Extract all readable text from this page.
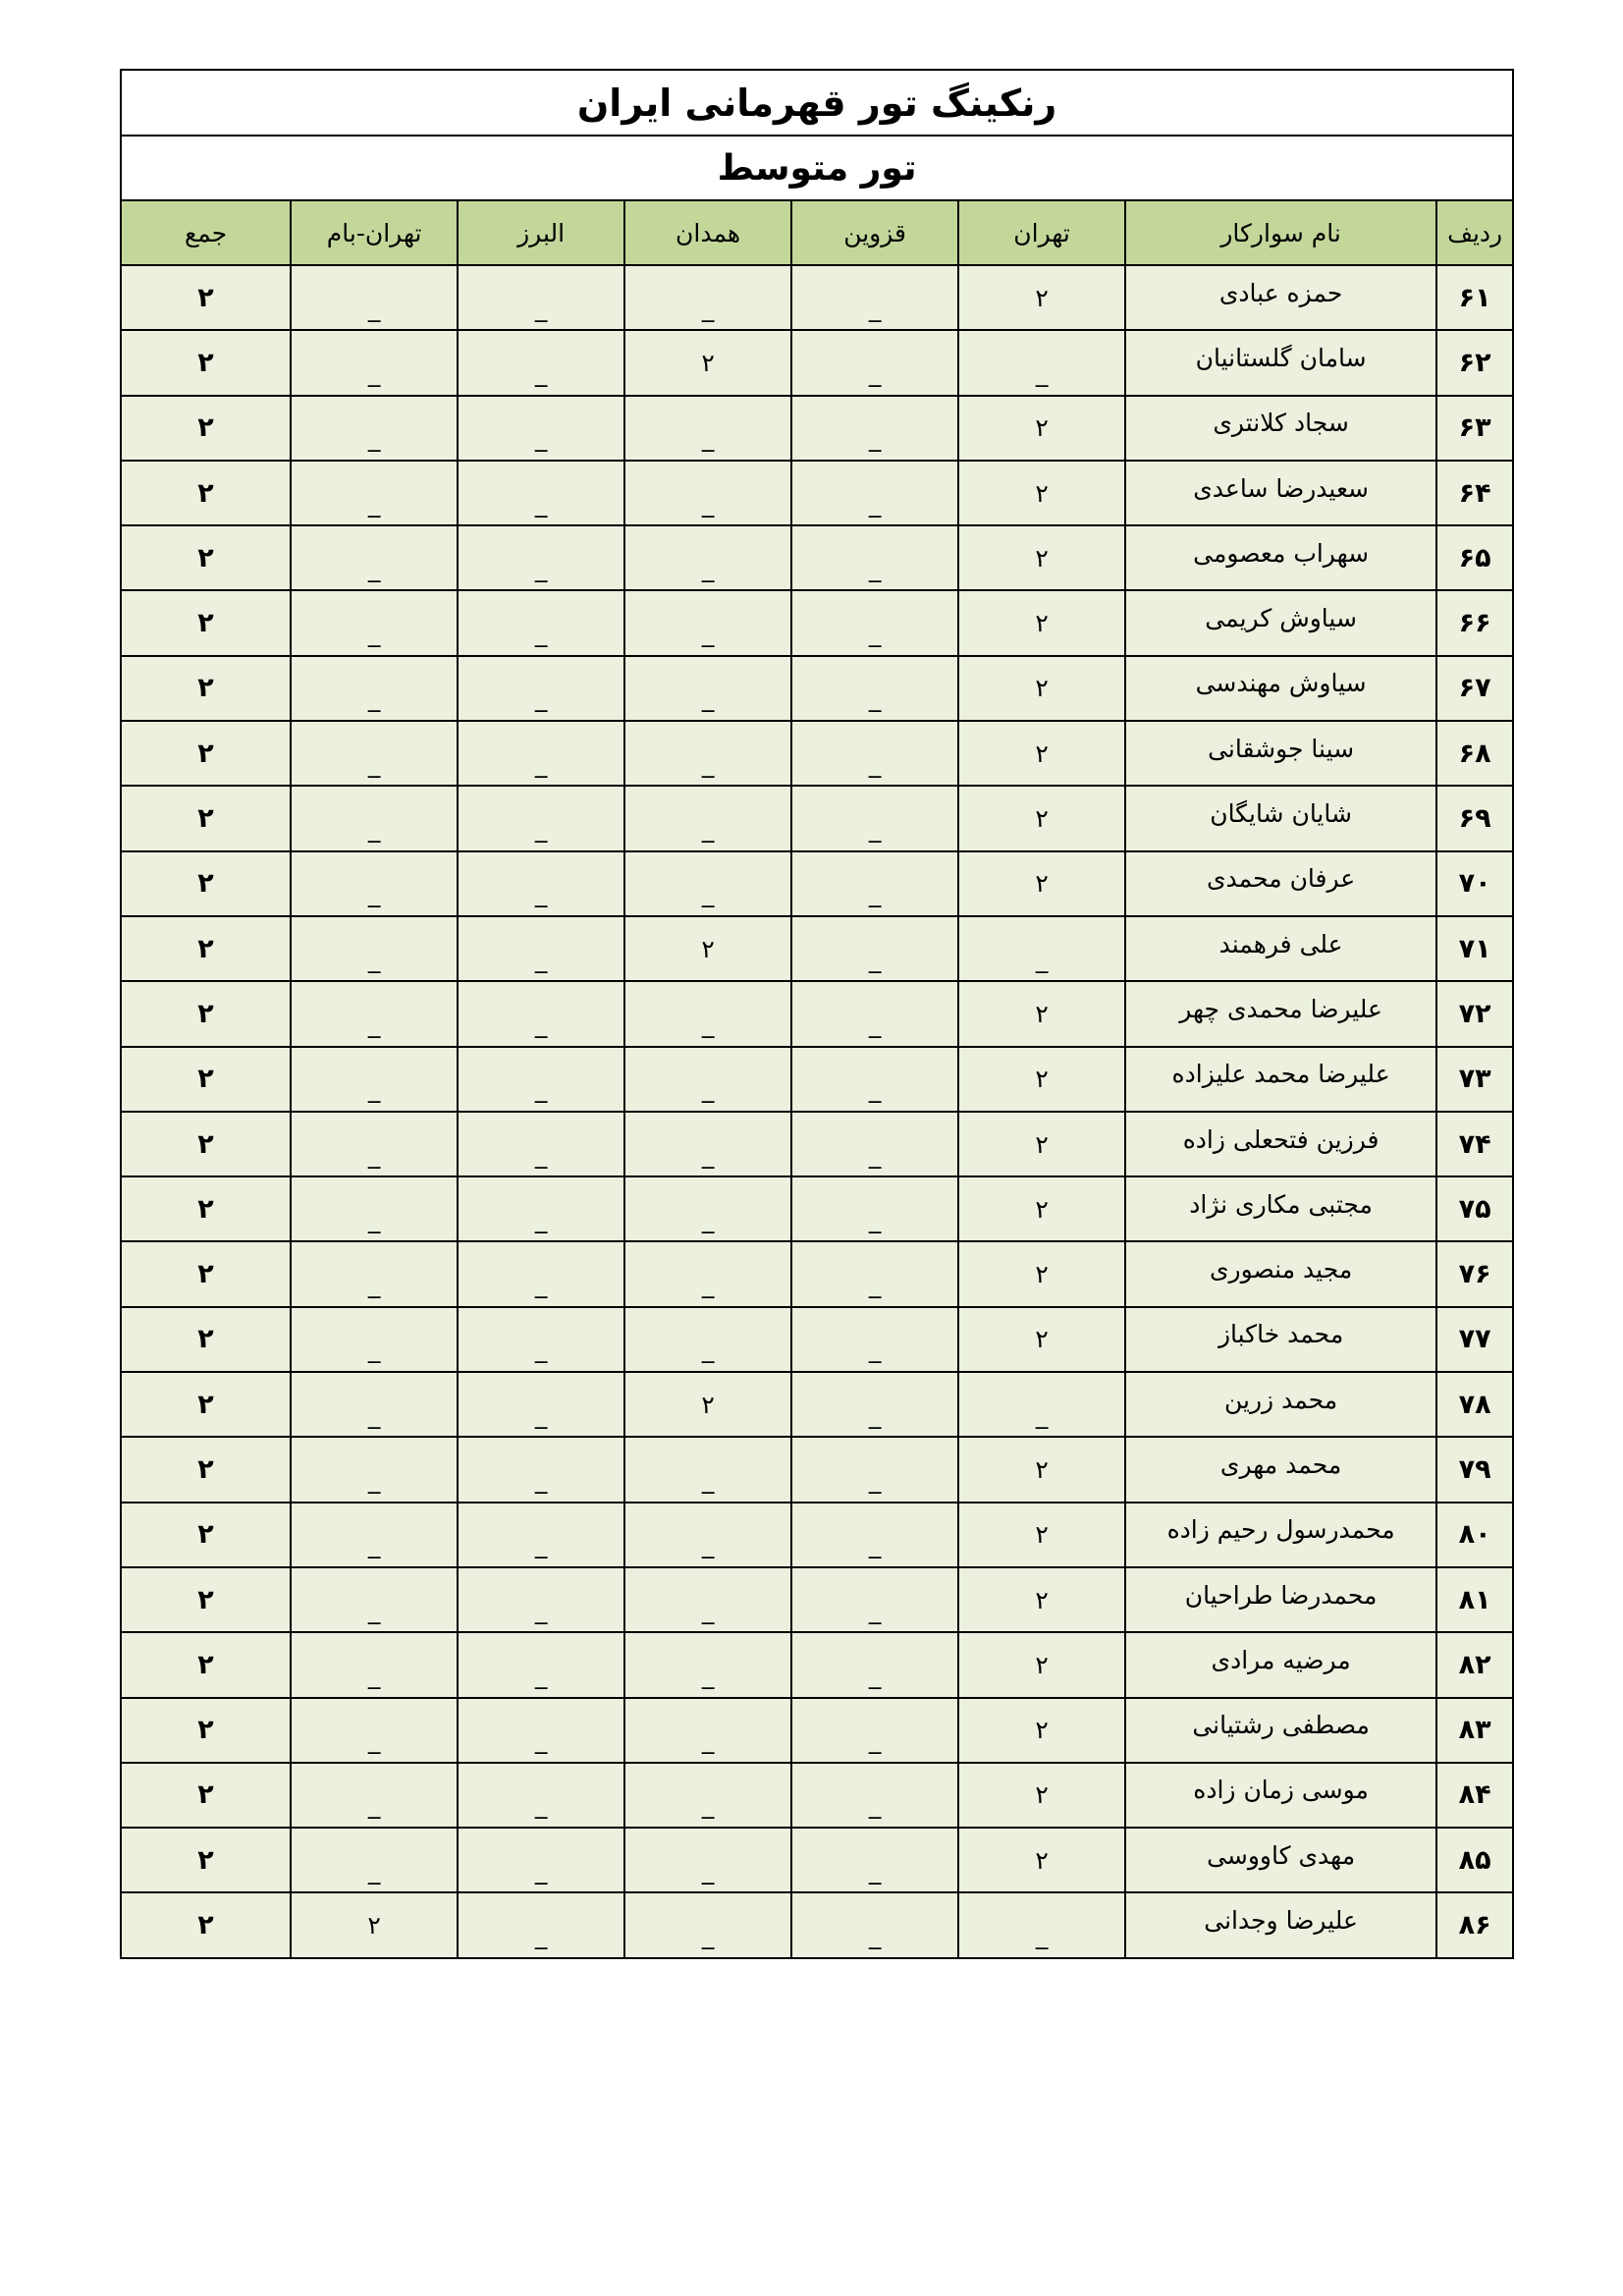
رنکینگ تور قهرمانی ایران							
تور متوسط							
ردیف	نام سوارکار	تهران	قزوین	همدان	البرز	تهران-بام	جمع
۶۱	حمزه عبادی	۲	_	_	_	_	۲
۶۲	سامان گلستانیان	_	_	۲	_	_	۲
۶۳	سجاد کلانتری	۲	_	_	_	_	۲
۶۴	سعیدرضا ساعدی	۲	_	_	_	_	۲
۶۵	سهراب معصومی	۲	_	_	_	_	۲
۶۶	سیاوش کریمی	۲	_	_	_	_	۲
۶۷	سیاوش مهندسی	۲	_	_	_	_	۲
۶۸	سینا جوشقانی	۲	_	_	_	_	۲
۶۹	شایان شایگان	۲	_	_	_	_	۲
۷۰	عرفان محمدی	۲	_	_	_	_	۲
۷۱	علی فرهمند	_	_	۲	_	_	۲
۷۲	علیرضا محمدی چهر	۲	_	_	_	_	۲
۷۳	علیرضا محمد علیزاده	۲	_	_	_	_	۲
۷۴	فرزین فتحعلی زاده	۲	_	_	_	_	۲
۷۵	مجتبی مکاری نژاد	۲	_	_	_	_	۲
۷۶	مجید منصوری	۲	_	_	_	_	۲
۷۷	محمد خاکباز	۲	_	_	_	_	۲
۷۸	محمد زرین	_	_	۲	_	_	۲
۷۹	محمد مهری	۲	_	_	_	_	۲
۸۰	محمدرسول رحیم زاده	۲	_	_	_	_	۲
۸۱	محمدرضا طراحیان	۲	_	_	_	_	۲
۸۲	مرضیه مرادی	۲	_	_	_	_	۲
۸۳	مصطفی رشتیانی	۲	_	_	_	_	۲
۸۴	موسی زمان زاده	۲	_	_	_	_	۲
۸۵	مهدی کاووسی	۲	_	_	_	_	۲
۸۶	علیرضا وجدانی	_	_	_	_	۲	۲
